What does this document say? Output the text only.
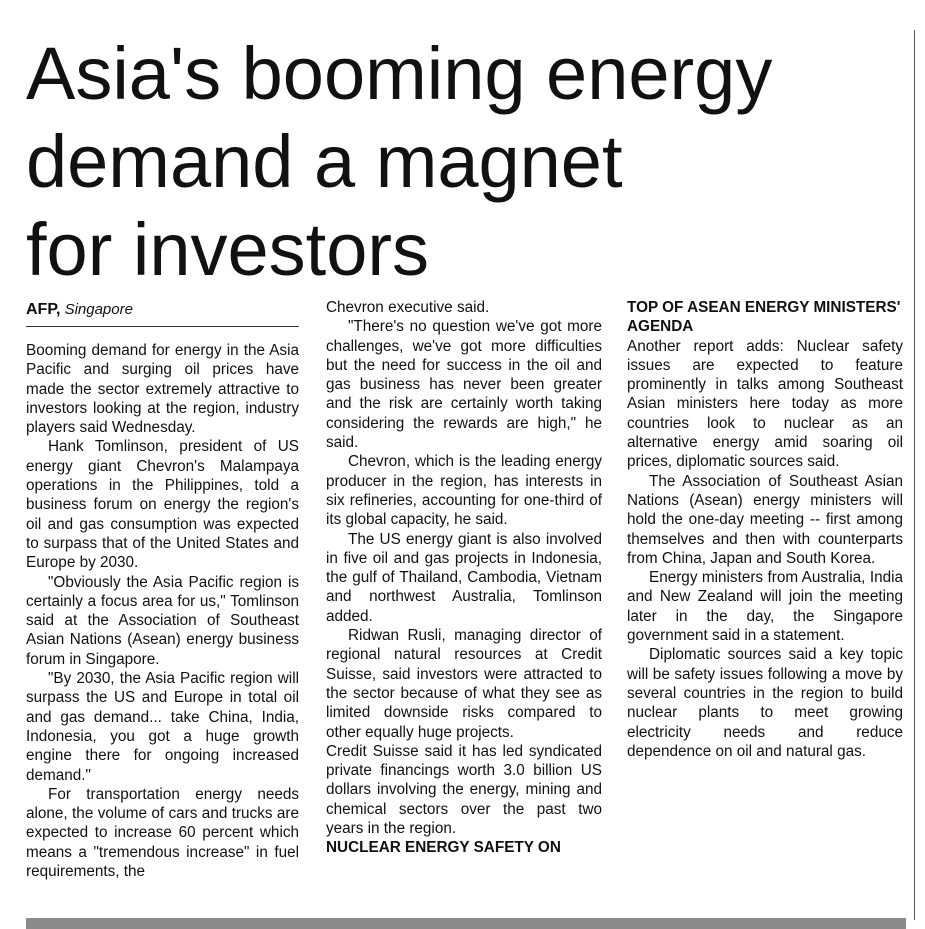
Asia's booming energy
demand a magnet
for investors
AFP, Singapore

Booming demand for energy in the Asia Pacific and surging oil prices have made the sector extremely attractive to investors looking at the region, industry players said Wednesday.

Hank Tomlinson, president of US energy giant Chevron's Malampaya operations in the Philippines, told a business forum on energy the region's oil and gas consumption was expected to surpass that of the United States and Europe by 2030.

"Obviously the Asia Pacific region is certainly a focus area for us," Tomlinson said at the Association of Southeast Asian Nations (Asean) energy business forum in Singapore.

"By 2030, the Asia Pacific region will surpass the US and Europe in total oil and gas demand... take China, India, Indonesia, you got a huge growth engine there for ongoing increased demand."

For transportation energy needs alone, the volume of cars and trucks are expected to increase 60 percent which means a "tremendous increase" in fuel requirements, the

Chevron executive said.

"There's no question we've got more challenges, we've got more difficulties but the need for success in the oil and gas business has never been greater and the risk are certainly worth taking considering the rewards are high," he said.

Chevron, which is the leading energy producer in the region, has interests in six refineries, accounting for one-third of its global capacity, he said.

The US energy giant is also involved in five oil and gas projects in Indonesia, the gulf of Thailand, Cambodia, Vietnam and northwest Australia, Tomlinson added.

Ridwan Rusli, managing director of regional natural resources at Credit Suisse, said investors were attracted to the sector because of what they see as limited downside risks compared to other equally huge projects.

Credit Suisse said it has led syndicated private financings worth 3.0 billion US dollars involving the energy, mining and chemical sectors over the past two years in the region.

NUCLEAR ENERGY SAFETY ON

TOP OF ASEAN ENERGY MINISTERS' AGENDA

Another report adds: Nuclear safety issues are expected to feature prominently in talks among Southeast Asian ministers here today as more countries look to nuclear as an alternative energy amid soaring oil prices, diplomatic sources said.

The Association of Southeast Asian Nations (Asean) energy ministers will hold the one-day meeting -- first among themselves and then with counterparts from China, Japan and South Korea.

Energy ministers from Australia, India and New Zealand will join the meeting later in the day, the Singapore government said in a statement.

Diplomatic sources said a key topic will be safety issues following a move by several countries in the region to build nuclear plants to meet growing electricity needs and reduce dependence on oil and natural gas.
